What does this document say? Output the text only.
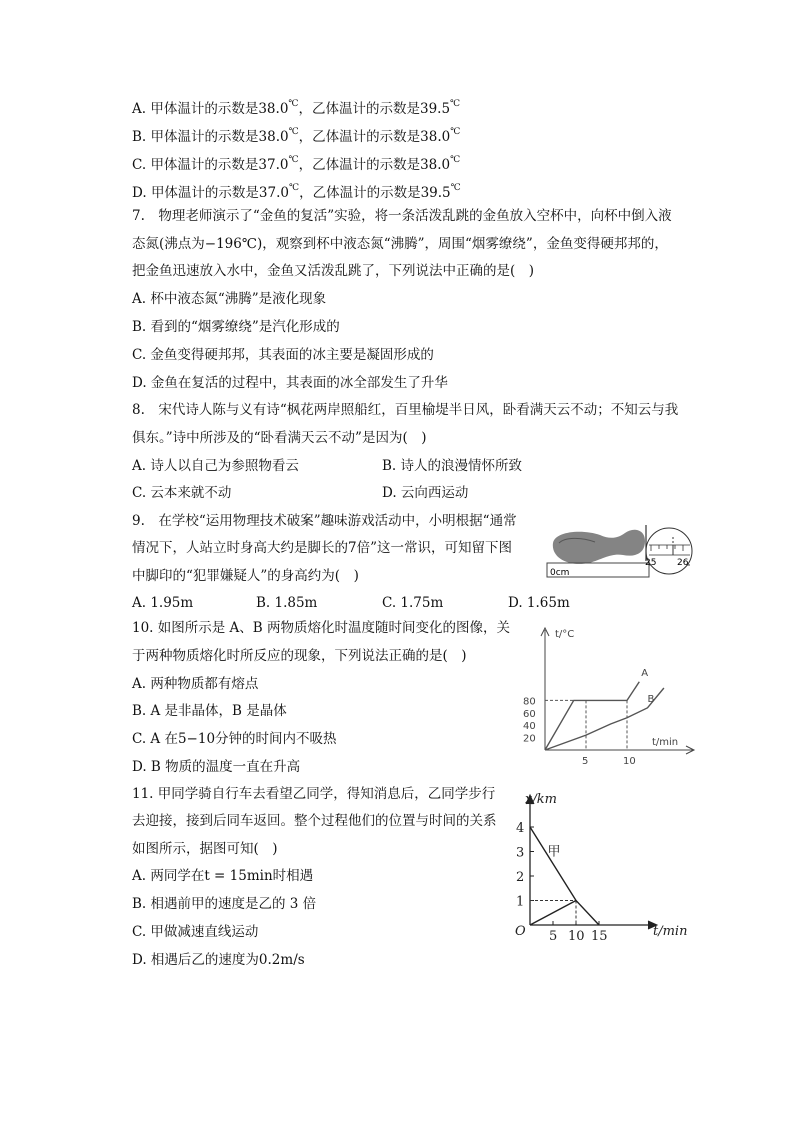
A. 甲体温计的示数是38.0℃，乙体温计的示数是39.5℃
B. 甲体温计的示数是38.0℃，乙体温计的示数是38.0℃
C. 甲体温计的示数是37.0℃，乙体温计的示数是38.0℃
D. 甲体温计的示数是37.0℃，乙体温计的示数是39.5℃
7.　物理老师演示了“金鱼的复活”实验，将一条活泼乱跳的金鱼放入空杯中，向杯中倒入液
态氮(沸点为−196℃)，观察到杯中液态氮“沸腾”，周围“烟雾缭绕”，金鱼变得硬邦邦的，
把金鱼迅速放入水中，金鱼又活泼乱跳了，下列说法中正确的是(　)
A. 杯中液态氮“沸腾”是液化现象
B. 看到的“烟雾缭绕”是汽化形成的
C. 金鱼变得硬邦邦，其表面的冰主要是凝固形成的
D. 金鱼在复活的过程中，其表面的冰全部发生了升华
8.　宋代诗人陈与义有诗“枫花两岸照船红，百里榆堤半日风，卧看满天云不动；不知云与我
俱东。”诗中所涉及的“卧看满天云不动”是因为(　)
A. 诗人以自己为参照物看云	B. 诗人的浪漫情怀所致
C. 云本来就不动	D. 云向西运动
9.　在学校“运用物理技术破案”趣味游戏活动中，小明根据“通常
情况下，人站立时身高大约是脚长的7倍”这一常识，可知留下图
中脚印的“犯罪嫌疑人”的身高约为(　)
A. 1.95m	B. 1.85m	C. 1.75m	D. 1.65m
0cm
25 26
10. 如图所示是 A、B 两物质熔化时温度随时间变化的图像，关
于两种物质熔化时所反应的现象，下列说法正确的是(　)
A. 两种物质都有熔点
B. A 是非晶体，B 是晶体
C. A 在5−10分钟的时间内不吸热
D. B 物质的温度一直在升高
t/°C
t/min
20
40
60
80
5	10
A
B
11. 甲同学骑自行车去看望乙同学，得知消息后，乙同学步行
去迎接，接到后同车返回。整个过程他们的位置与时间的关系
如图所示，据图可知(　)
A. 两同学在t = 15min时相遇
B. 相遇前甲的速度是乙的 3 倍
C. 甲做减速直线运动
D. 相遇后乙的速度为0.2m/s
x/km
t/min
O
1
2
3
4
5 10 15
甲
